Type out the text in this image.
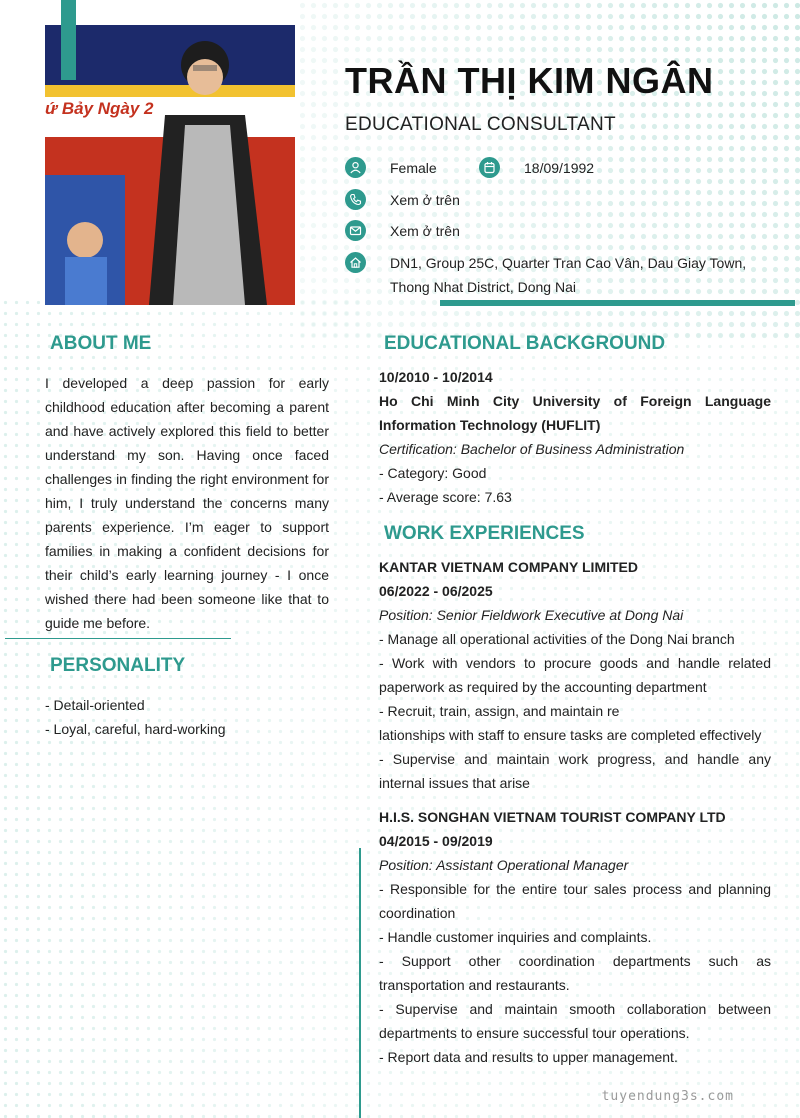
ứ Bảy Ngày 2
TRẦN THỊ KIM NGÂN
EDUCATIONAL CONSULTANT
Female	18/09/1992
Xem ở trên
Xem ở trên
DN1, Group 25C, Quarter Tran Cao Vân, Dau Giay Town,
Thong Nhat District, Dong Nai
ABOUT ME
I developed a deep passion for early childhood education after becoming a parent and have actively explored this field to better understand my son. Having once faced challenges in finding the right environment for him, I truly understand the concerns many parents experience. I’m eager to support families in making a confident decisions for their child’s early learning journey - I once wished there had been someone like that to guide me before.
PERSONALITY
- Detail-oriented
- Loyal, careful, hard-working
EDUCATIONAL BACKGROUND
10/2010 - 10/2014
Ho Chi Minh City University of Foreign Language Information Technology (HUFLIT)
Certification: Bachelor of Business Administration
- Category: Good
- Average score: 7.63
WORK EXPERIENCES
KANTAR VIETNAM COMPANY LIMITED
06/2022 - 06/2025
Position: Senior Fieldwork Executive at Dong Nai
- Manage all operational activities of the Dong Nai branch
- Work with vendors to procure goods and handle related paperwork as required by the accounting department
- Recruit, train, assign, and maintain re
lationships with staff to ensure tasks are completed effectively
- Supervise and maintain work progress, and handle any internal issues that arise
H.I.S. SONGHAN VIETNAM TOURIST COMPANY LTD
04/2015 - 09/2019
Position: Assistant Operational Manager
- Responsible for the entire tour sales process and planning coordination
- Handle customer inquiries and complaints.
- Support other coordination departments such as transportation and restaurants.
- Supervise and maintain smooth collaboration between departments to ensure successful tour operations.
- Report data and results to upper management.
tuyendung3s.com
